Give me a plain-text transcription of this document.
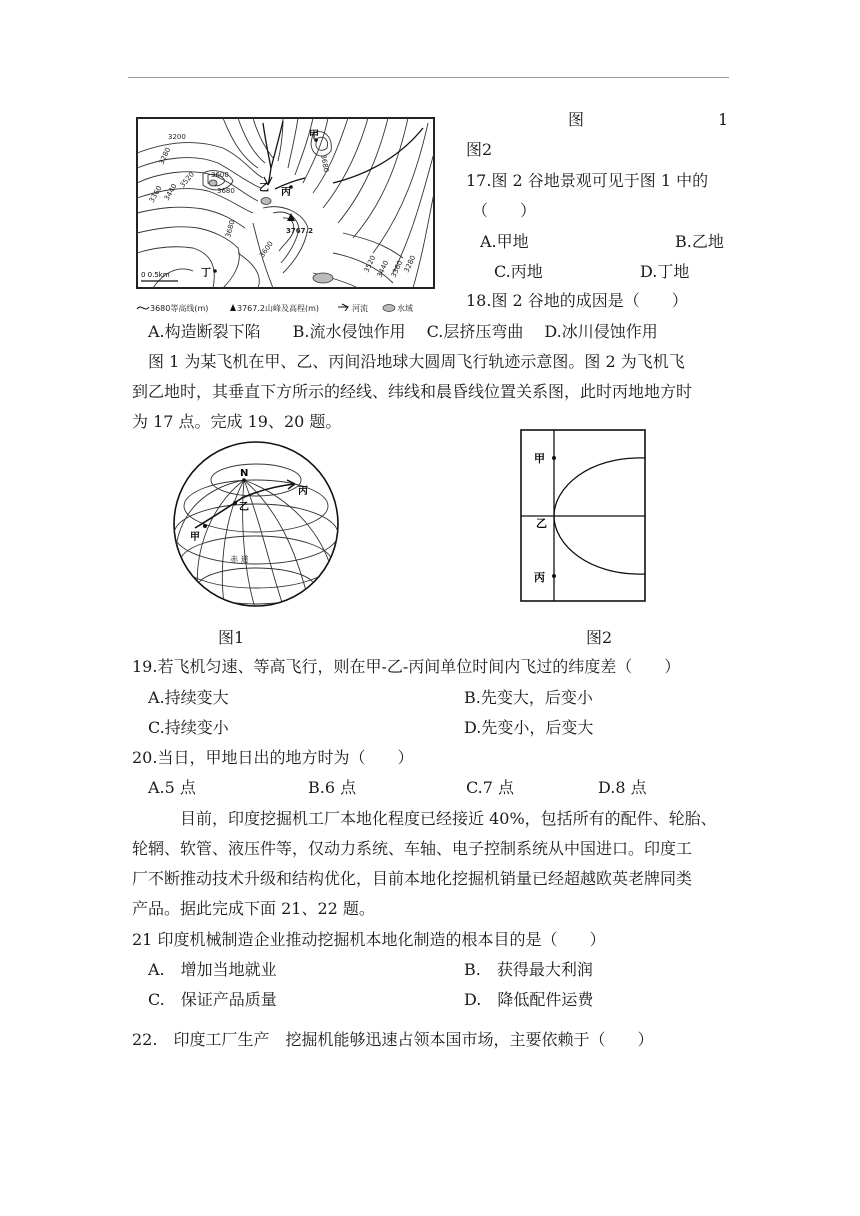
甲
乙 丙
丁
3200
3280
3360 3440
3520 3600
3680
3680
3680
3600
3767.2
3520
3440 3360
3280
0 0.5km
3680等高线(m)	3767.2山峰及高程(m)	河流	水域
图	1
图2
17.图 2 谷地景观可见于图 1 中的
（　　）
A.甲地	B.乙地
C.丙地	D.丁地
18.图 2 谷地的成因是（　　）
A.构造断裂下陷　　B.流水侵蚀作用　 C.层挤压弯曲　 D.冰川侵蚀作用
图 1 为某飞机在甲、乙、丙间沿地球大圆周飞行轨迹示意图。图 2 为飞机飞
到乙地时，其垂直下方所示的经线、纬线和晨昏线位置关系图，此时丙地地方时
为 17 点。完成 19、20 题。
N
甲
乙
丙
赤 道
图1
甲
乙
丙
图2
19.若飞机匀速、等高飞行，则在甲-乙-丙间单位时间内飞过的纬度差（　　）
A.持续变大	B.先变大，后变小
C.持续变小	D.先变小，后变大
20.当日，甲地日出的地方时为（　　）
A.5 点	B.6 点	C.7 点	D.8 点
目前，印度挖掘机工厂本地化程度已经接近 40%，包括所有的配件、轮胎、
轮辋、软管、液压件等，仅动力系统、车轴、电子控制系统从中国进口。印度工
厂不断推动技术升级和结构优化，目前本地化挖掘机销量已经超越欧英老牌同类
产品。据此完成下面 21、22 题。
21 印度机械制造企业推动挖掘机本地化制造的根本目的是（　　）
A.　增加当地就业	B.　获得最大利润
C.　保证产品质量	D.　降低配件运费
22.　印度工厂生产　挖掘机能够迅速占领本国市场，主要依赖于（　　）
